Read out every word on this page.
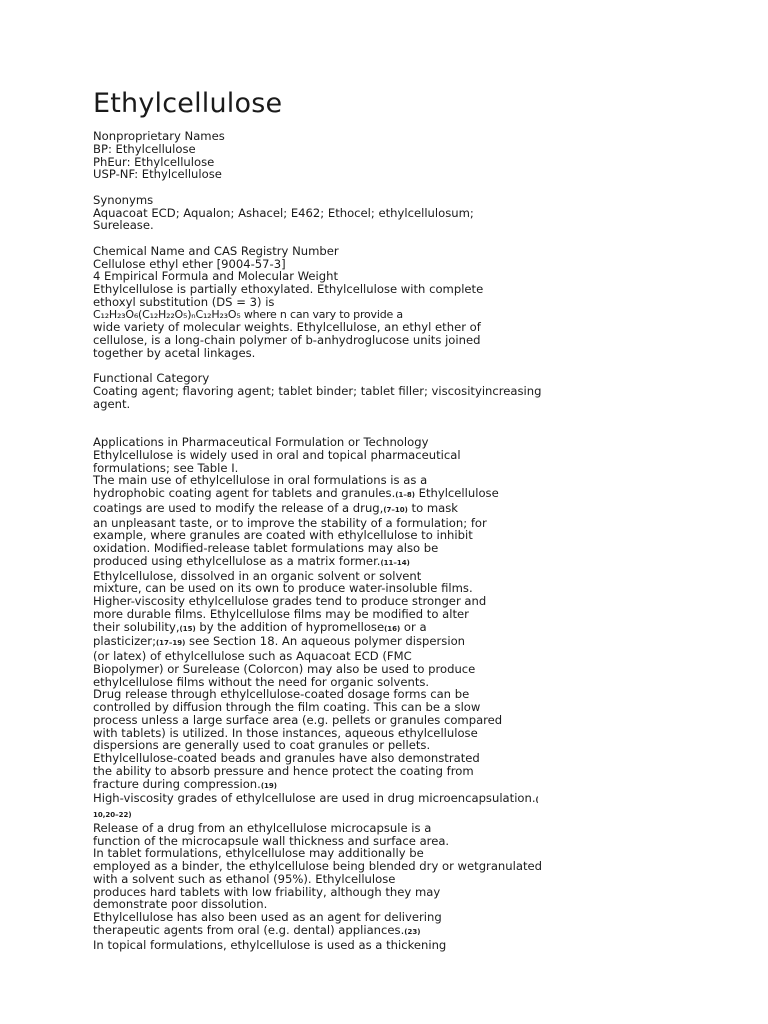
Ethylcellulose
Nonproprietary Names
BP: Ethylcellulose
PhEur: Ethylcellulose
USP-NF: Ethylcellulose
Synonyms
Aquacoat ECD; Aqualon; Ashacel; E462; Ethocel; ethylcellulosum;
Surelease.
Chemical Name and CAS Registry Number
Cellulose ethyl ether [9004-57-3]
4 Empirical Formula and Molecular Weight
Ethylcellulose is partially ethoxylated. Ethylcellulose with complete
ethoxyl substitution (DS = 3) is
C₁₂H₂₃O₆(C₁₂H₂₂O₅)ₙC₁₂H₂₃O₅ where n can vary to provide a
wide variety of molecular weights. Ethylcellulose, an ethyl ether of
cellulose, is a long-chain polymer of b-anhydroglucose units joined
together by acetal linkages.
Functional Category
Coating agent; flavoring agent; tablet binder; tablet filler; viscosityincreasing
agent.
Applications in Pharmaceutical Formulation or Technology
Ethylcellulose is widely used in oral and topical pharmaceutical
formulations; see Table I.
The main use of ethylcellulose in oral formulations is as a
hydrophobic coating agent for tablets and granules.(1–8) Ethylcellulose
coatings are used to modify the release of a drug,(7–10) to mask
an unpleasant taste, or to improve the stability of a formulation; for
example, where granules are coated with ethylcellulose to inhibit
oxidation. Modified-release tablet formulations may also be
produced using ethylcellulose as a matrix former.(11–14)
Ethylcellulose, dissolved in an organic solvent or solvent
mixture, can be used on its own to produce water-insoluble films.
Higher-viscosity ethylcellulose grades tend to produce stronger and
more durable films. Ethylcellulose films may be modified to alter
their solubility,(15) by the addition of hypromellose(16) or a
plasticizer;(17–19) see Section 18. An aqueous polymer dispersion
(or latex) of ethylcellulose such as Aquacoat ECD (FMC
Biopolymer) or Surelease (Colorcon) may also be used to produce
ethylcellulose films without the need for organic solvents.
Drug release through ethylcellulose-coated dosage forms can be
controlled by diffusion through the film coating. This can be a slow
process unless a large surface area (e.g. pellets or granules compared
with tablets) is utilized. In those instances, aqueous ethylcellulose
dispersions are generally used to coat granules or pellets.
Ethylcellulose-coated beads and granules have also demonstrated
the ability to absorb pressure and hence protect the coating from
fracture during compression.(19)
High-viscosity grades of ethylcellulose are used in drug microencapsulation.(
10,20–22)
Release of a drug from an ethylcellulose microcapsule is a
function of the microcapsule wall thickness and surface area.
In tablet formulations, ethylcellulose may additionally be
employed as a binder, the ethylcellulose being blended dry or wetgranulated
with a solvent such as ethanol (95%). Ethylcellulose
produces hard tablets with low friability, although they may
demonstrate poor dissolution.
Ethylcellulose has also been used as an agent for delivering
therapeutic agents from oral (e.g. dental) appliances.(23)
In topical formulations, ethylcellulose is used as a thickening
